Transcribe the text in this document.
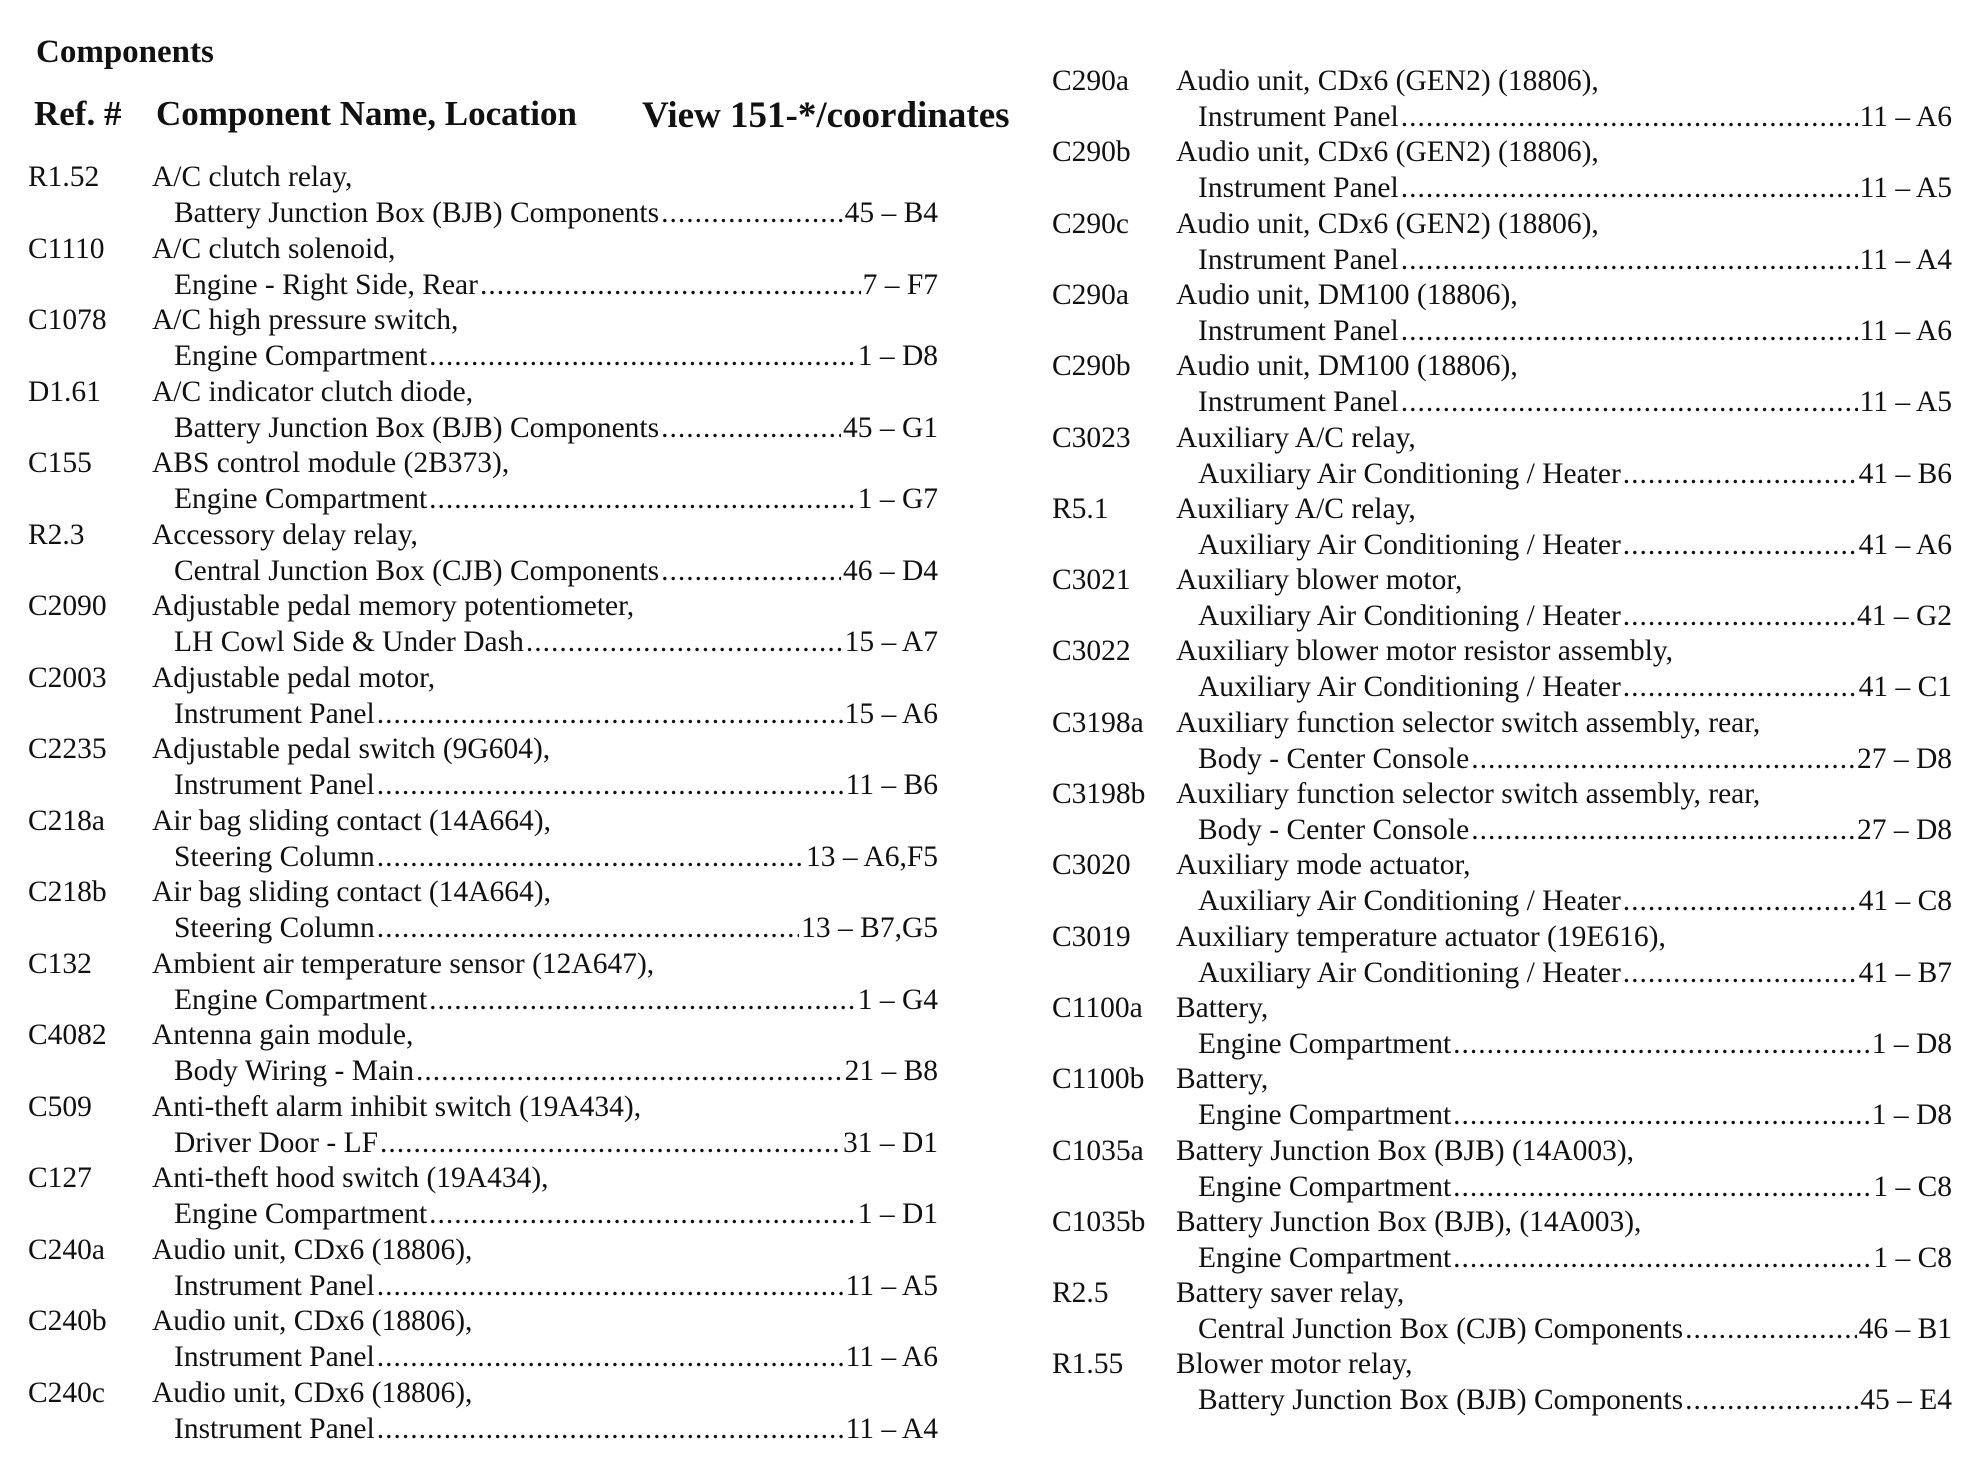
Components
Ref. # Component Name, Location View 151-*/coordinates
R1.52	A/C clutch relay,
Battery Junction Box (BJB) Components .....	45 – B4
C1110	A/C clutch solenoid,
Engine - Right Side, Rear .....	7 – F7
C1078	A/C high pressure switch,
Engine Compartment .....	1 – D8
D1.61	A/C indicator clutch diode,
Battery Junction Box (BJB) Components .....	45 – G1
C155	ABS control module (2B373),
Engine Compartment .....	1 – G7
R2.3	Accessory delay relay,
Central Junction Box (CJB) Components .....	46 – D4
C2090	Adjustable pedal memory potentiometer,
LH Cowl Side & Under Dash .....	15 – A7
C2003	Adjustable pedal motor,
Instrument Panel .....	15 – A6
C2235	Adjustable pedal switch (9G604),
Instrument Panel .....	11 – B6
C218a	Air bag sliding contact (14A664),
Steering Column .....	13 – A6,F5
C218b	Air bag sliding contact (14A664),
Steering Column .....	13 – B7,G5
C132	Ambient air temperature sensor (12A647),
Engine Compartment .....	1 – G4
C4082	Antenna gain module,
Body Wiring - Main .....	21 – B8
C509	Anti-theft alarm inhibit switch (19A434),
Driver Door - LF .....	31 – D1
C127	Anti-theft hood switch (19A434),
Engine Compartment .....	1 – D1
C240a	Audio unit, CDx6 (18806),
Instrument Panel .....	11 – A5
C240b	Audio unit, CDx6 (18806),
Instrument Panel .....	11 – A6
C240c	Audio unit, CDx6 (18806),
Instrument Panel .....	11 – A4
C290a	Audio unit, CDx6 (GEN2) (18806),
Instrument Panel .....	11 – A6
C290b	Audio unit, CDx6 (GEN2) (18806),
Instrument Panel .....	11 – A5
C290c	Audio unit, CDx6 (GEN2) (18806),
Instrument Panel .....	11 – A4
C290a	Audio unit, DM100 (18806),
Instrument Panel .....	11 – A6
C290b	Audio unit, DM100 (18806),
Instrument Panel .....	11 – A5
C3023	Auxiliary A/C relay,
Auxiliary Air Conditioning / Heater .....	41 – B6
R5.1	Auxiliary A/C relay,
Auxiliary Air Conditioning / Heater .....	41 – A6
C3021	Auxiliary blower motor,
Auxiliary Air Conditioning / Heater .....	41 – G2
C3022	Auxiliary blower motor resistor assembly,
Auxiliary Air Conditioning / Heater .....	41 – C1
C3198a	Auxiliary function selector switch assembly, rear,
Body - Center Console .....	27 – D8
C3198b	Auxiliary function selector switch assembly, rear,
Body - Center Console .....	27 – D8
C3020	Auxiliary mode actuator,
Auxiliary Air Conditioning / Heater .....	41 – C8
C3019	Auxiliary temperature actuator (19E616),
Auxiliary Air Conditioning / Heater .....	41 – B7
C1100a	Battery,
Engine Compartment .....	1 – D8
C1100b	Battery,
Engine Compartment .....	1 – D8
C1035a	Battery Junction Box (BJB) (14A003),
Engine Compartment .....	1 – C8
C1035b	Battery Junction Box (BJB), (14A003),
Engine Compartment .....	1 – C8
R2.5	Battery saver relay,
Central Junction Box (CJB) Components .....	46 – B1
R1.55	Blower motor relay,
Battery Junction Box (BJB) Components .....	45 – E4
